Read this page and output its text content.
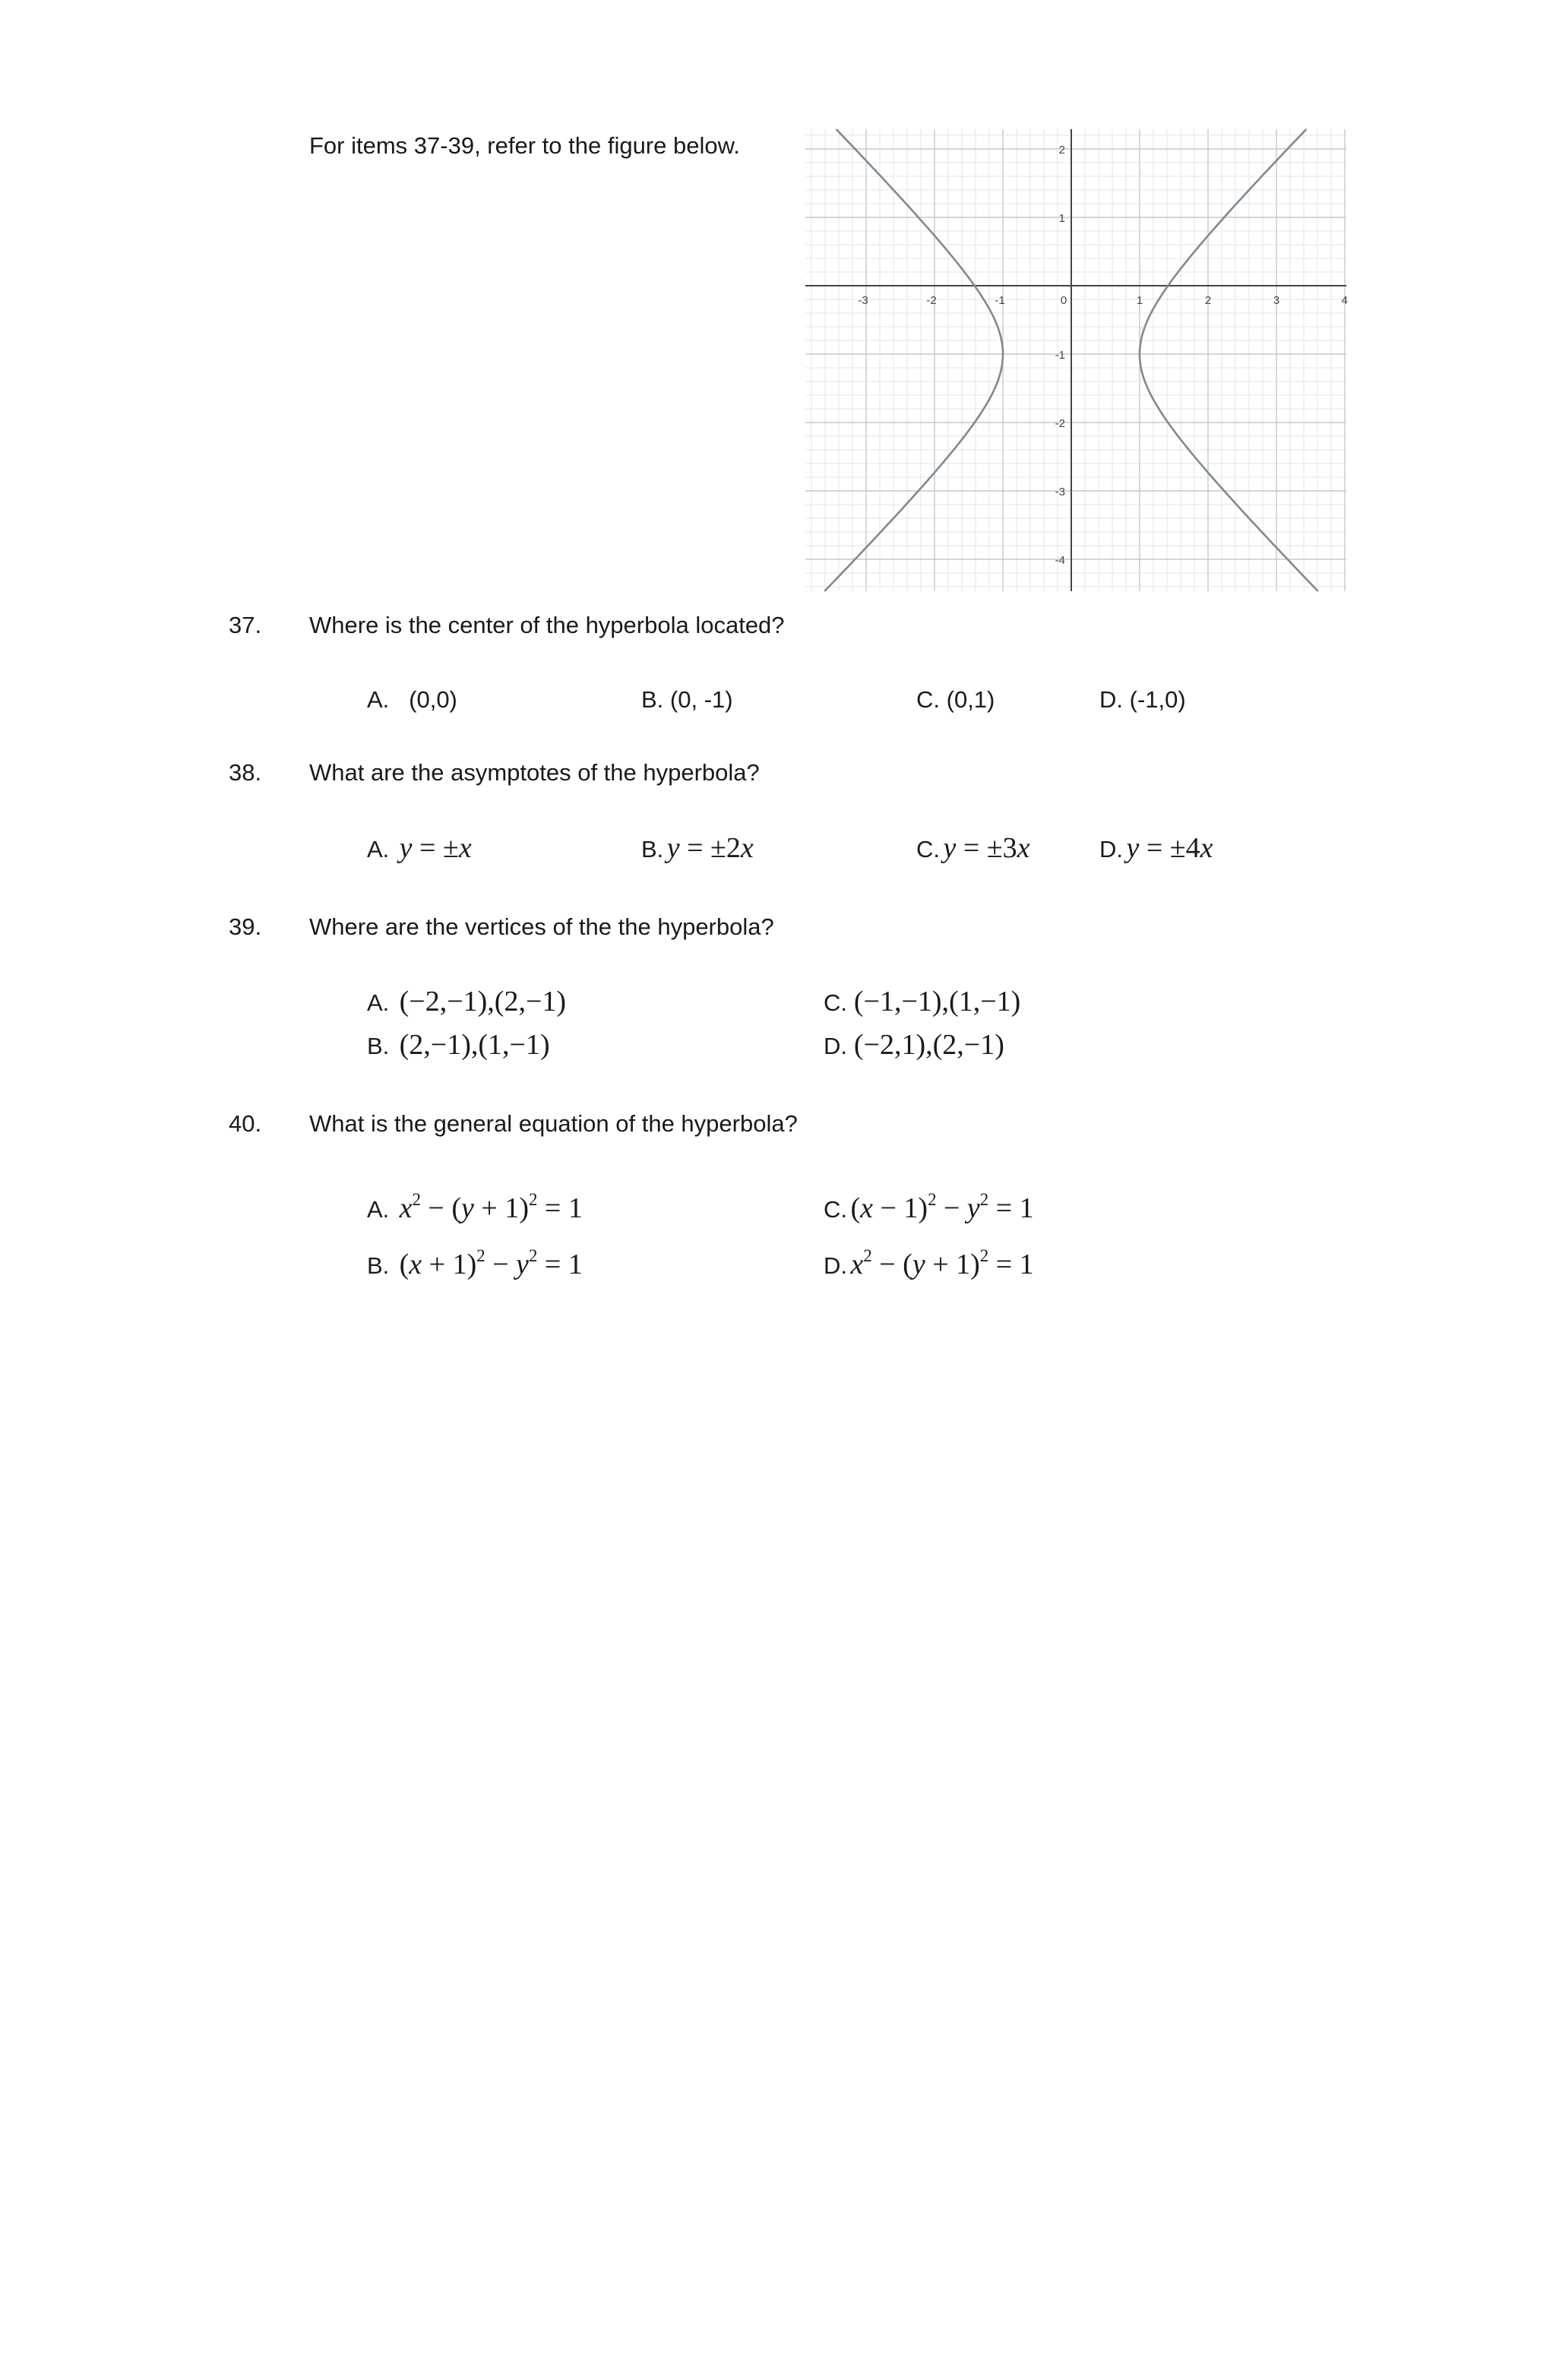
For items 37-39, refer to the figure below.
-3	-2	-1	0	1	2	3	4
2
1
-1
-2
-3
-4
37. Where is the center of the hyperbola located?
A. (0,0)	B. (0, -1)	C. (0,1)	D. (-1,0)
38. What are the asymptotes of the hyperbola?
A. y = ±x	B. y = ±2x	C. y = ±3x	D. y = ±4x
39. Where are the vertices of the the hyperbola?
A. (−2,−1),(2,−1)
B. (2,−1),(1,−1)
C. (−1,−1),(1,−1)
D. (−2,1),(2,−1)
40. What is the general equation of the hyperbola?
A. $x^2 - (y + 1)^2 = 1$
B. $(x + 1)^2 - y^2 = 1$
C. $(x - 1)^2 - y^2 = 1$
D. $x^2 - (y + 1)^2 = 1$
